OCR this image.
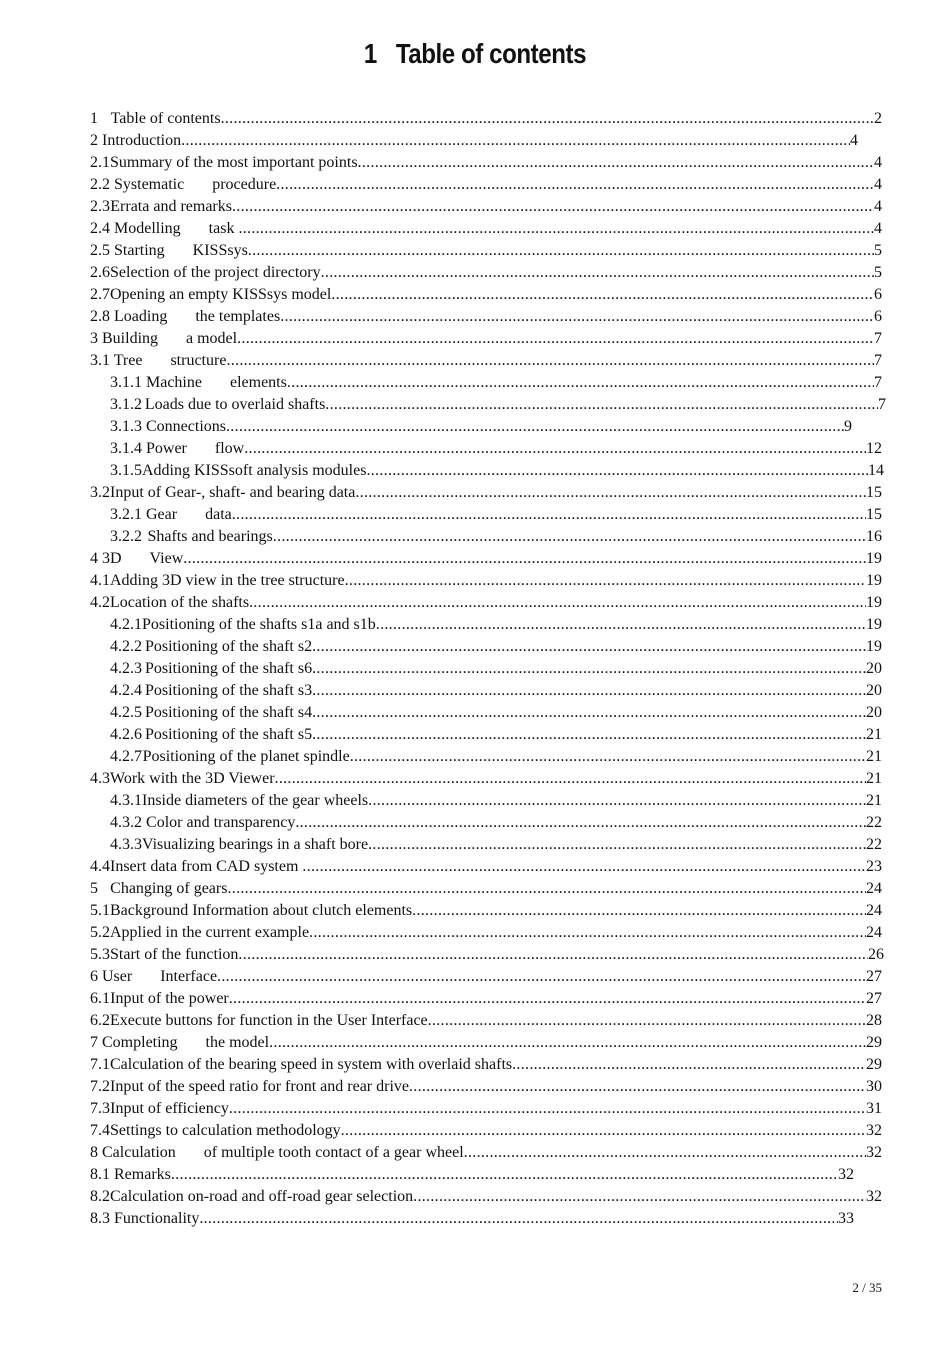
1 Table of contents
1 Table of contents .....	2
2 Introduction .....	4
2.1 Summary of the most important points .....	4
2.2 Systematic       procedure .....	4
2.3 Errata and remarks .....	4
2.4 Modelling       task .....	4
2.5 Starting       KISSsys .....	5
2.6 Selection of the project directory .....	5
2.7 Opening an empty KISSsys model .....	6
2.8 Loading       the templates .....	6
3 Building       a model .....	7
3.1 Tree       structure .....	7
3.1.1 Machine       elements .....	7
3.1.2 Loads due to overlaid shafts .....	7
3.1.3 Connections .....	9
3.1.4 Power       flow .....	12
3.1.5 Adding KISSsoft analysis modules .....	14
3.2 Input of Gear-, shaft- and bearing data .....	15
3.2.1 Gear       data .....	15
3.2.2 Shafts and bearings .....	16
4 3D       View .....	19
4.1 Adding 3D view in the tree structure .....	19
4.2 Location of the shafts .....	19
4.2.1 Positioning of the shafts s1a and s1b .....	19
4.2.2 Positioning of the shaft s2 .....	19
4.2.3 Positioning of the shaft s6 .....	20
4.2.4 Positioning of the shaft s3 .....	20
4.2.5 Positioning of the shaft s4 .....	20
4.2.6 Positioning of the shaft s5 .....	21
4.2.7 Positioning of the planet spindle .....	21
4.3 Work with the 3D Viewer .....	21
4.3.1 Inside diameters of the gear wheels .....	21
4.3.2 Color and transparency .....	22
4.3.3 Visualizing bearings in a shaft bore .....	22
4.4 Insert data from CAD system .....	23
5 Changing of gears .....	24
5.1 Background Information about clutch elements .....	24
5.2 Applied in the current example .....	24
5.3 Start of the function .....	26
6 User       Interface .....	27
6.1 Input of the power .....	27
6.2 Execute buttons for function in the User Interface .....	28
7 Completing       the model .....	29
7.1 Calculation of the bearing speed in system with overlaid shafts .....	29
7.2 Input of the speed ratio for front and rear drive .....	30
7.3 Input of efficiency .....	31
7.4 Settings to calculation methodology .....	32
8 Calculation       of multiple tooth contact of a gear wheel .....	32
8.1 Remarks .....	32
8.2 Calculation on-road and off-road gear selection .....	32
8.3 Functionality .....	33
2 / 35
